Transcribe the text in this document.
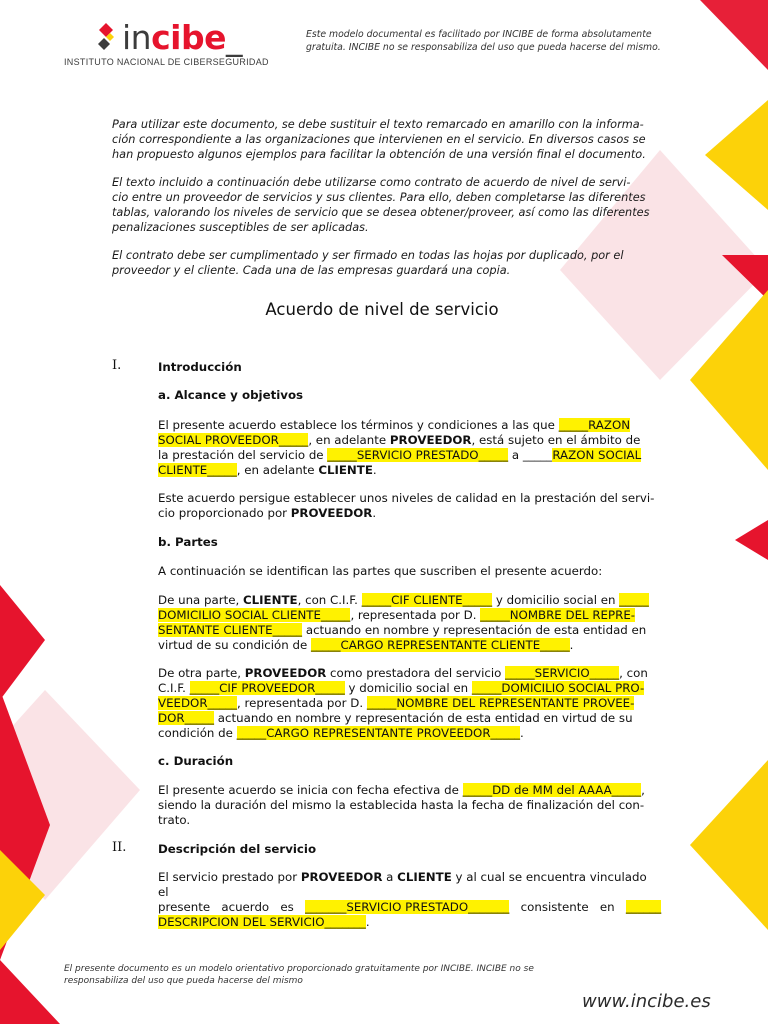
incibe_
INSTITUTO NACIONAL DE CIBERSEGURIDAD
Este modelo documental es facilitado por INCIBE de forma absolutamente
gratuita. INCIBE no se responsabiliza del uso que pueda hacerse del mismo.
Para utilizar este documento, se debe sustituir el texto remarcado en amarillo con la informa-
ción correspondiente a las organizaciones que intervienen en el servicio. En diversos casos se
han propuesto algunos ejemplos para facilitar la obtención de una versión final el documento.
El texto incluido a continuación debe utilizarse como contrato de acuerdo de nivel de servi-
cio entre un proveedor de servicios y sus clientes. Para ello, deben completarse las diferentes
tablas, valorando los niveles de servicio que se desea obtener/proveer, así como las diferentes
penalizaciones susceptibles de ser aplicadas.
El contrato debe ser cumplimentado y ser firmado en todas las hojas por duplicado, por el
proveedor y el cliente. Cada una de las empresas guardará una copia.
Acuerdo de nivel de servicio
I.	Introducción
a. Alcance y objetivos
El presente acuerdo establece los términos y condiciones a las que _____RAZON
SOCIAL PROVEEDOR_____, en adelante PROVEEDOR, está sujeto en el ámbito de
la prestación del servicio de _____SERVICIO PRESTADO_____ a _____RAZON SOCIAL
CLIENTE_____, en adelante CLIENTE.
Este acuerdo persigue establecer unos niveles de calidad en la prestación del servi-
cio proporcionado por PROVEEDOR.
b. Partes
A continuación se identifican las partes que suscriben el presente acuerdo:
De una parte, CLIENTE, con C.I.F. _____CIF CLIENTE_____ y domicilio social en _____
DOMICILIO SOCIAL CLIENTE_____, representada por D. _____NOMBRE DEL REPRE-
SENTANTE CLIENTE_____ actuando en nombre y representación de esta entidad en
virtud de su condición de _____CARGO REPRESENTANTE CLIENTE_____.
De otra parte, PROVEEDOR como prestadora del servicio _____SERVICIO_____, con
C.I.F. _____CIF PROVEEDOR_____ y domicilio social en _____DOMICILIO SOCIAL PRO-
VEEDOR_____, representada por D. _____NOMBRE DEL REPRESENTANTE PROVEE-
DOR_____ actuando en nombre y representación de esta entidad en virtud de su
condición de _____CARGO REPRESENTANTE PROVEEDOR_____.
c. Duración
El presente acuerdo se inicia con fecha efectiva de _____DD de MM del AAAA_____,
siendo la duración del mismo la establecida hasta la fecha de finalización del con-
trato.
II.	Descripción del servicio
El servicio prestado por PROVEEDOR a CLIENTE y al cual se encuentra vinculado el
presente   acuerdo   es   _______SERVICIO PRESTADO_______   consistente   en   ______
DESCRIPCION DEL SERVICIO_______.
El presente documento es un modelo orientativo proporcionado gratuitamente por INCIBE. INCIBE no se
responsabiliza del uso que pueda hacerse del mismo
www.incibe.es
